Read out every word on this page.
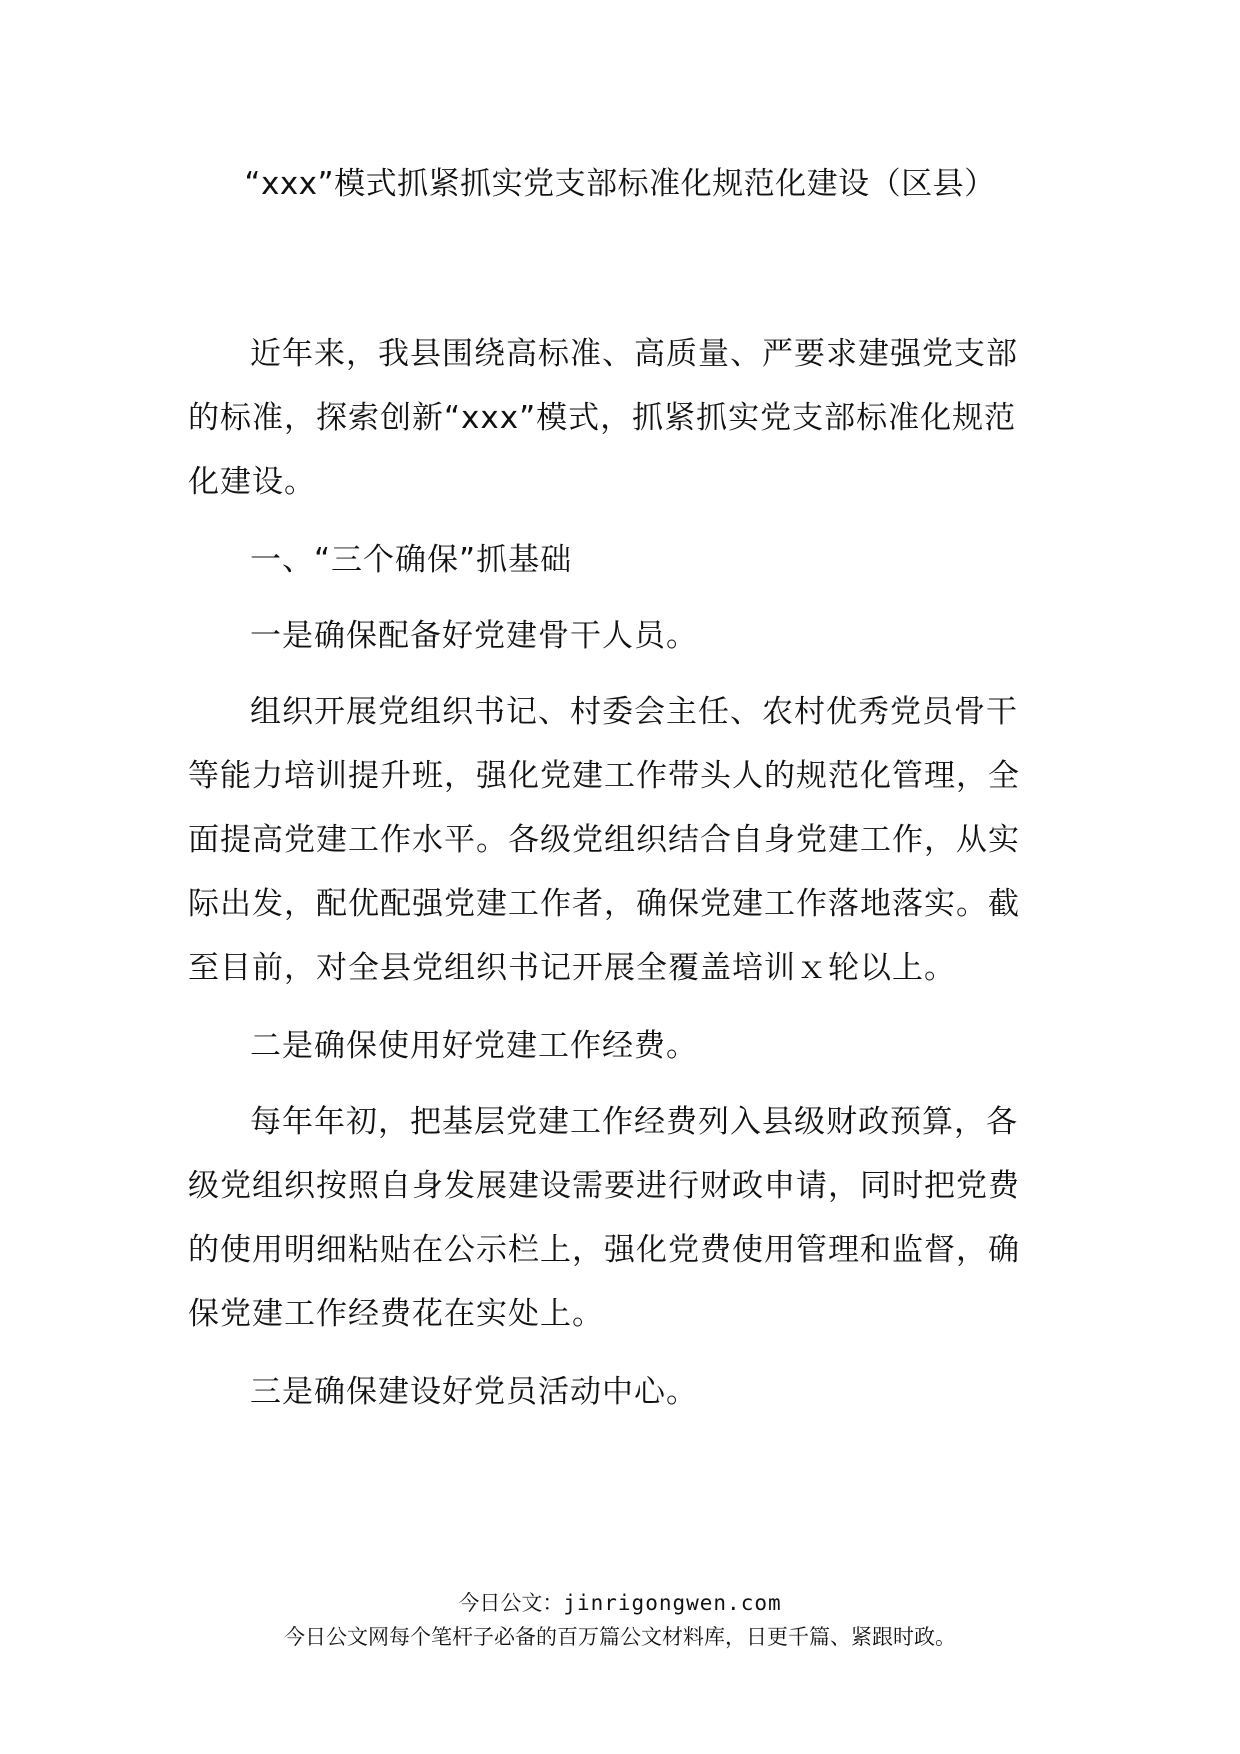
“xxx”模式抓紧抓实党支部标准化规范化建设（区县）

近年来，我县围绕高标准、高质量、严要求建强党支部的标准，探索创新“xxx”模式，抓紧抓实党支部标准化规范化建设。

一、“三个确保”抓基础

一是确保配备好党建骨干人员。

组织开展党组织书记、村委会主任、农村优秀党员骨干等能力培训提升班，强化党建工作带头人的规范化管理，全面提高党建工作水平。各级党组织结合自身党建工作，从实际出发，配优配强党建工作者，确保党建工作落地落实。截至目前，对全县党组织书记开展全覆盖培训ｘ轮以上。

二是确保使用好党建工作经费。

每年年初，把基层党建工作经费列入县级财政预算，各级党组织按照自身发展建设需要进行财政申请，同时把党费的使用明细粘贴在公示栏上，强化党费使用管理和监督，确保党建工作经费花在实处上。

三是确保建设好党员活动中心。

今日公文：jinrigongwen.com
今日公文网每个笔杆子必备的百万篇公文材料库，日更千篇、紧跟时政。
